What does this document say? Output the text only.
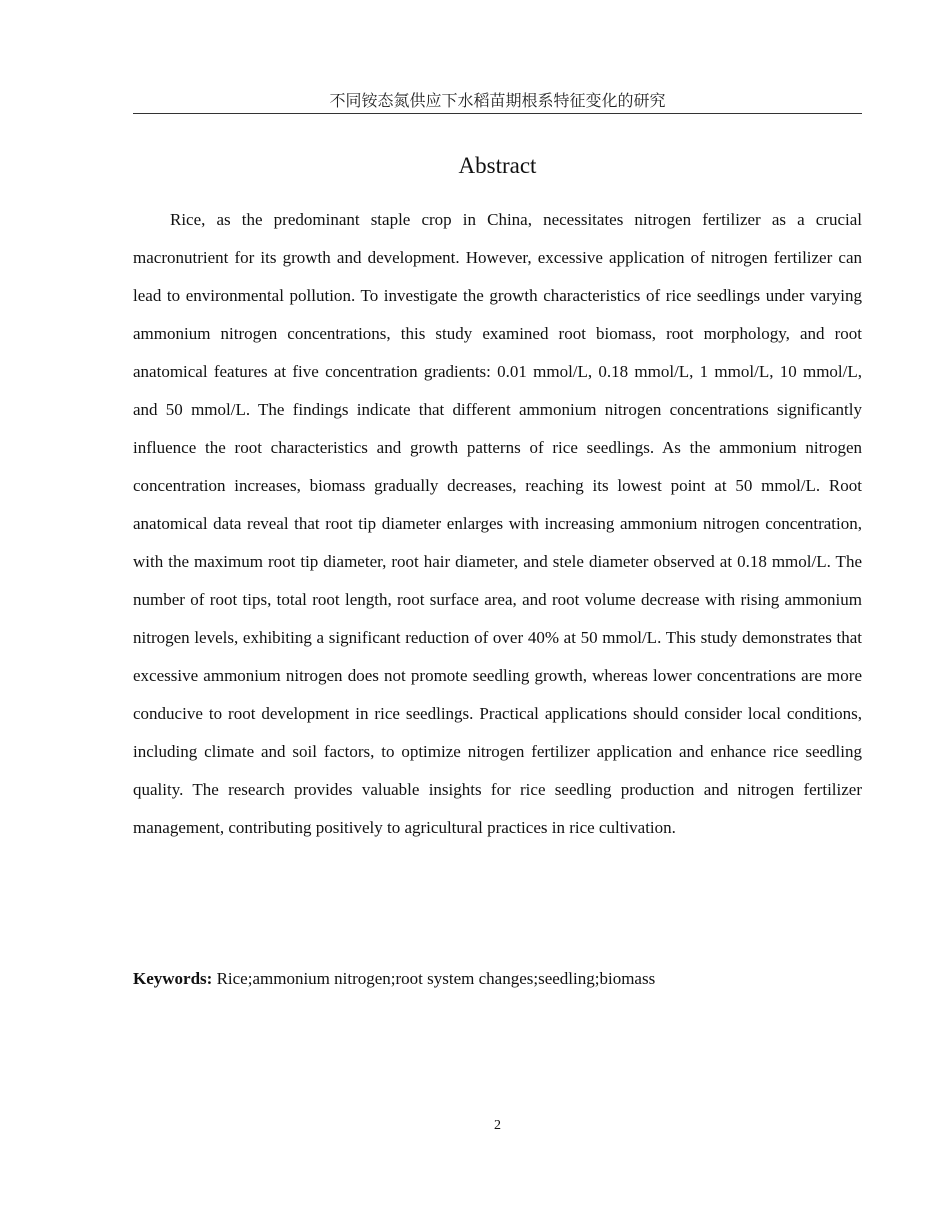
不同铵态氮供应下水稻苗期根系特征变化的研究
Abstract

Rice, as the predominant staple crop in China, necessitates nitrogen fertilizer as a crucial macronutrient for its growth and development. However, excessive application of nitrogen fertilizer can lead to environmental pollution. To investigate the growth characteristics of rice seedlings under varying ammonium nitrogen concentrations, this study examined root biomass, root morphology, and root anatomical features at five concentration gradients: 0.01 mmol/L, 0.18 mmol/L, 1 mmol/L, 10 mmol/L, and 50 mmol/L. The findings indicate that different ammonium nitrogen concentrations significantly influence the root characteristics and growth patterns of rice seedlings. As the ammonium nitrogen concentration increases, biomass gradually decreases, reaching its lowest point at 50 mmol/L. Root anatomical data reveal that root tip diameter enlarges with increasing ammonium nitrogen concentration, with the maximum root tip diameter, root hair diameter, and stele diameter observed at 0.18 mmol/L. The number of root tips, total root length, root surface area, and root volume decrease with rising ammonium nitrogen levels, exhibiting a significant reduction of over 40% at 50 mmol/L. This study demonstrates that excessive ammonium nitrogen does not promote seedling growth, whereas lower concentrations are more conducive to root development in rice seedlings. Practical applications should consider local conditions, including climate and soil factors, to optimize nitrogen fertilizer application and enhance rice seedling quality. The research provides valuable insights for rice seedling production and nitrogen fertilizer management, contributing positively to agricultural practices in rice cultivation.

Keywords: Rice;ammonium nitrogen;root system changes;seedling;biomass
2
